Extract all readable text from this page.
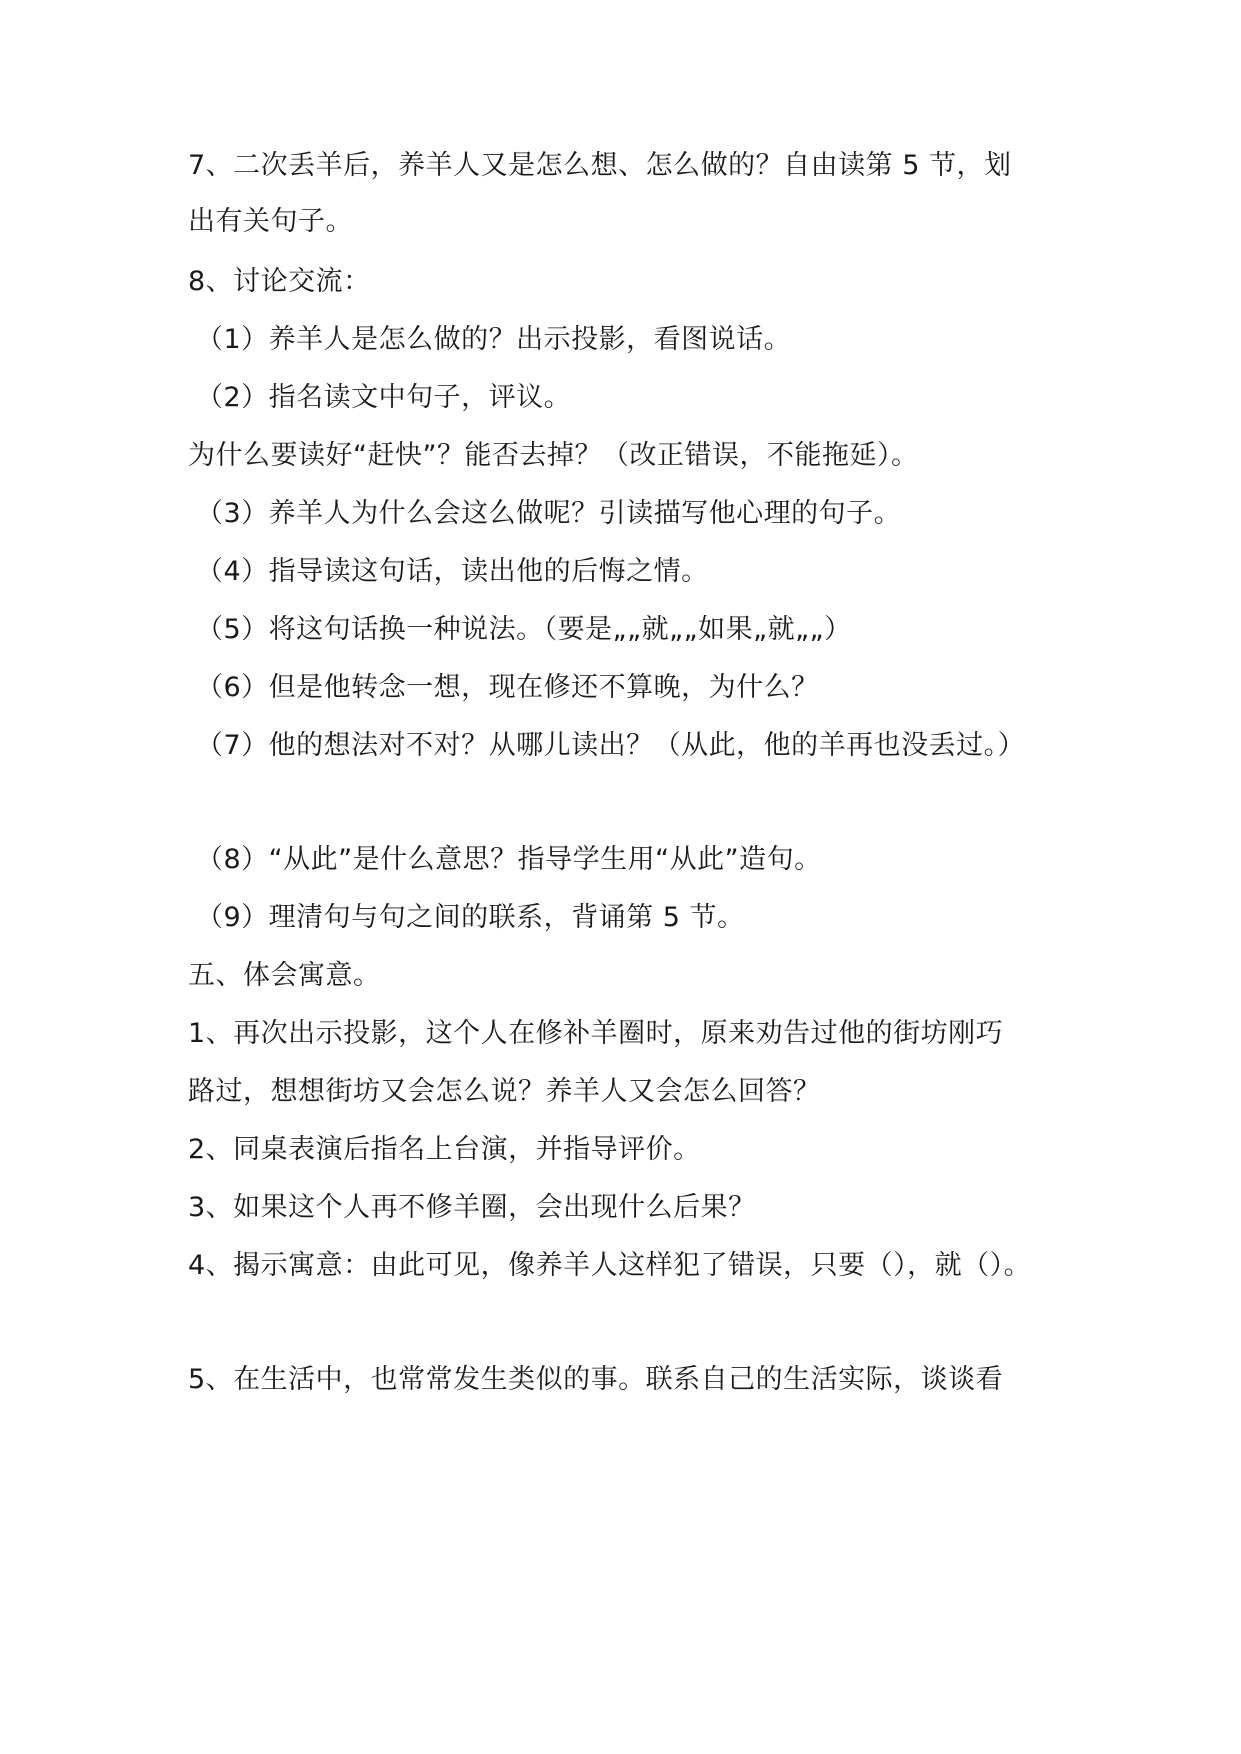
7、二次丢羊后，养羊人又是怎么想、怎么做的？自由读第 5 节，划
出有关句子。
8、讨论交流：
（1）养羊人是怎么做的？出示投影，看图说话。
（2）指名读文中句子，评议。
为什么要读好“赶快”？能否去掉？（改正错误，不能拖延）。
（3）养羊人为什么会这么做呢？引读描写他心理的句子。
（4）指导读这句话，读出他的后悔之情。
（5）将这句话换一种说法。（要是„„就„„如果„就„„）
（6）但是他转念一想，现在修还不算晚，为什么？
（7）他的想法对不对？从哪儿读出？（从此，他的羊再也没丢过。）
（8）“从此”是什么意思？指导学生用“从此”造句。
（9）理清句与句之间的联系，背诵第 5 节。
五、体会寓意。
1、再次出示投影，这个人在修补羊圈时，原来劝告过他的街坊刚巧
路过，想想街坊又会怎么说？养羊人又会怎么回答？
2、同桌表演后指名上台演，并指导评价。
3、如果这个人再不修羊圈，会出现什么后果？
4、揭示寓意：由此可见，像养羊人这样犯了错误，只要（），就（）。
5、在生活中，也常常发生类似的事。联系自己的生活实际，谈谈看
